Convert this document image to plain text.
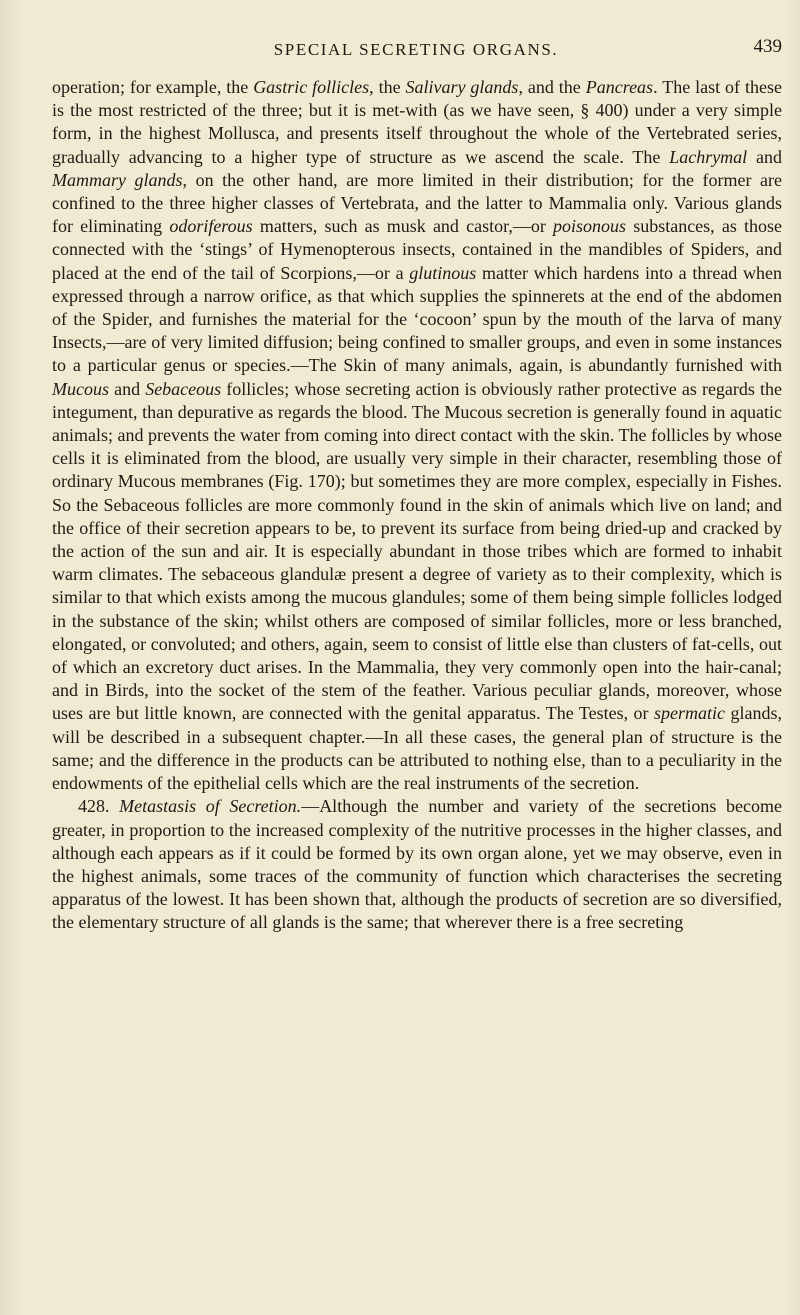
SPECIAL SECRETING ORGANS.	439

operation; for example, the Gastric follicles, the Salivary glands, and the Pancreas. The last of these is the most restricted of the three; but it is met-with (as we have seen, § 400) under a very simple form, in the highest Mollusca, and presents itself throughout the whole of the Vertebrated series, gradually advancing to a higher type of structure as we ascend the scale. The Lachrymal and Mammary glands, on the other hand, are more limited in their distribution; for the former are confined to the three higher classes of Vertebrata, and the latter to Mammalia only. Various glands for eliminating odoriferous matters, such as musk and castor,—or poisonous substances, as those connected with the ‘stings’ of Hymenopterous insects, contained in the mandibles of Spiders, and placed at the end of the tail of Scorpions,—or a glutinous matter which hardens into a thread when expressed through a narrow orifice, as that which supplies the spinnerets at the end of the abdomen of the Spider, and furnishes the material for the ‘cocoon’ spun by the mouth of the larva of many Insects,—are of very limited diffusion; being confined to smaller groups, and even in some instances to a particular genus or species.—The Skin of many animals, again, is abundantly furnished with Mucous and Sebaceous follicles; whose secreting action is obviously rather protective as regards the integument, than depurative as regards the blood. The Mucous secretion is generally found in aquatic animals; and prevents the water from coming into direct contact with the skin. The follicles by whose cells it is eliminated from the blood, are usually very simple in their character, resembling those of ordinary Mucous membranes (Fig. 170); but sometimes they are more complex, especially in Fishes. So the Sebaceous follicles are more commonly found in the skin of animals which live on land; and the office of their secretion appears to be, to prevent its surface from being dried-up and cracked by the action of the sun and air. It is especially abundant in those tribes which are formed to inhabit warm climates. The sebaceous glandulæ present a degree of variety as to their complexity, which is similar to that which exists among the mucous glandules; some of them being simple follicles lodged in the substance of the skin; whilst others are composed of similar follicles, more or less branched, elongated, or convoluted; and others, again, seem to consist of little else than clusters of fat-cells, out of which an excretory duct arises. In the Mammalia, they very commonly open into the hair-canal; and in Birds, into the socket of the stem of the feather. Various peculiar glands, moreover, whose uses are but little known, are connected with the genital apparatus. The Testes, or spermatic glands, will be described in a subsequent chapter.—In all these cases, the general plan of structure is the same; and the difference in the products can be attributed to nothing else, than to a peculiarity in the endowments of the epithelial cells which are the real instruments of the secretion.

428. Metastasis of Secretion.—Although the number and variety of the secretions become greater, in proportion to the increased complexity of the nutritive processes in the higher classes, and although each appears as if it could be formed by its own organ alone, yet we may observe, even in the highest animals, some traces of the community of function which characterises the secreting apparatus of the lowest. It has been shown that, although the products of secretion are so diversified, the elementary structure of all glands is the same; that wherever there is a free secreting
